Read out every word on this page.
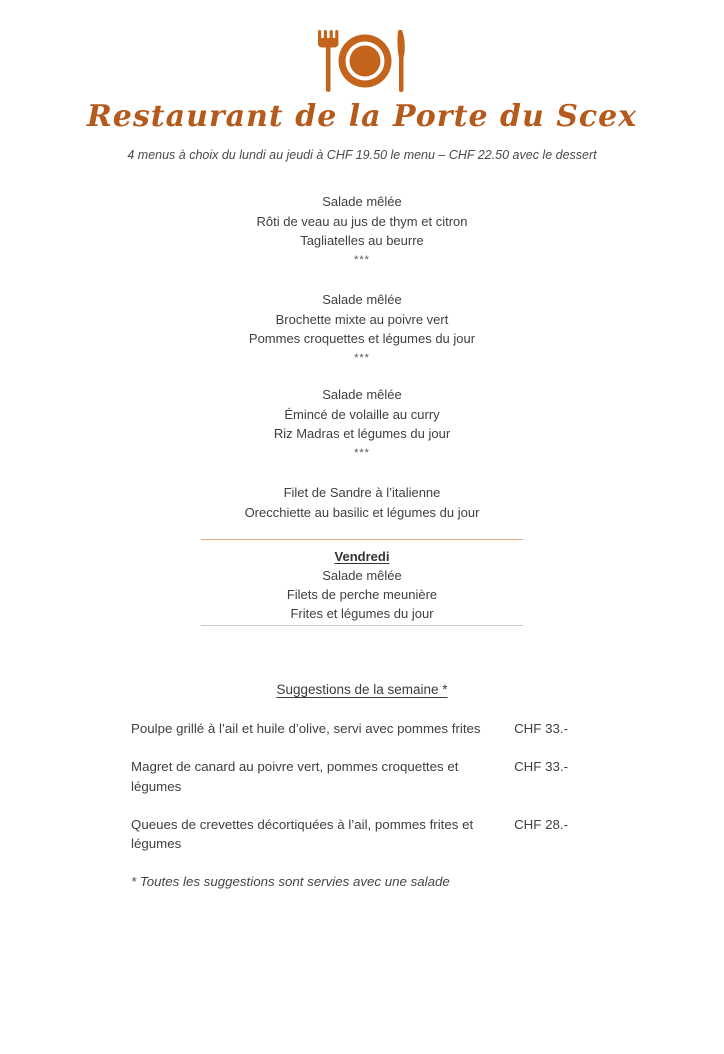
Restaurant de la Porte du Scex

4 menus à choix du lundi au jeudi à CHF 19.50 le menu – CHF 22.50 avec le dessert

Salade mêlée

Rôti de veau au jus de thym et citron

Tagliatelles au beurre

***

Salade mêlée

Brochette mixte au poivre vert

Pommes croquettes et légumes du jour

***

Salade mêlée

Émincé de volaille au curry

Riz Madras et légumes du jour

***

Filet de Sandre à l’italienne

Orecchiette au basilic et légumes du jour

Vendredi

Salade mêlée

Filets de perche meunière

Frites et légumes du jour

Suggestions de la semaine *
Poulpe grillé à l’ail et huile d’olive, servi avec pommes frites	CHF 33.-
Magret de canard au poivre vert, pommes croquettes et légumes
CHF 33.-
Queues de crevettes décortiquées à l’ail, pommes frites et légumes
CHF 28.-

* Toutes les suggestions sont servies avec une salade
